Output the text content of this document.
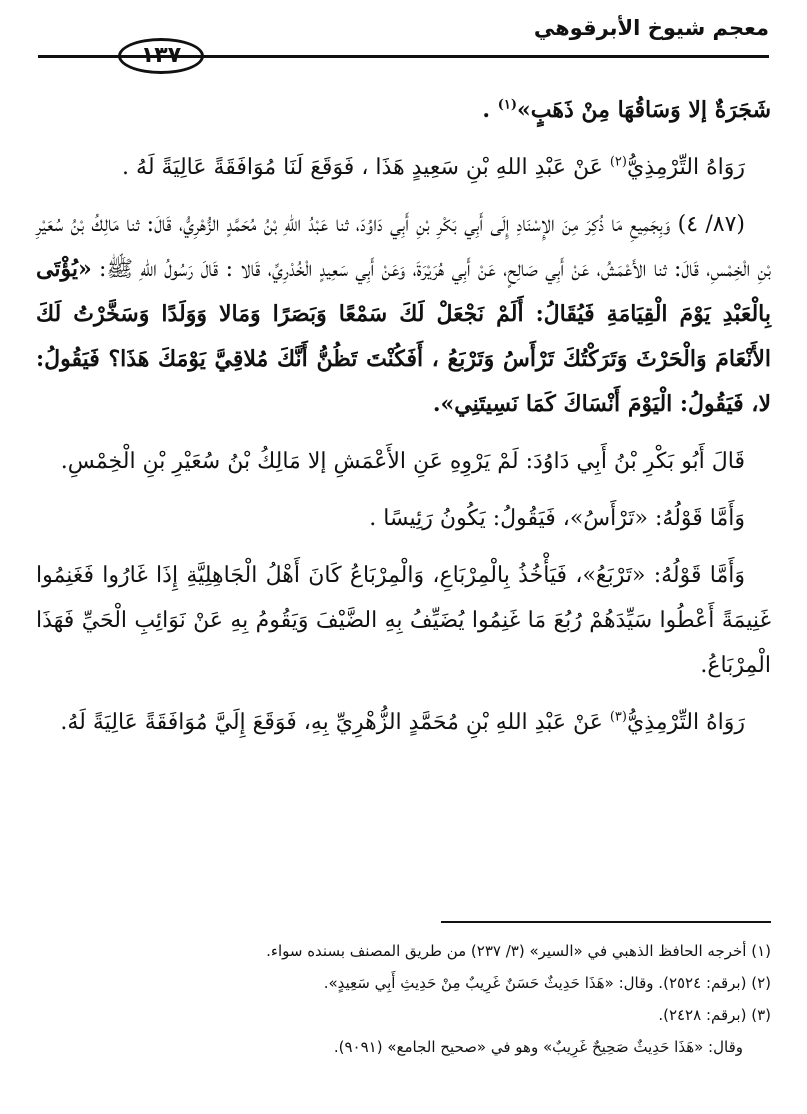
معجم شيوخ الأبرقوهي
١٣٧

شَجَرَةٌ إلا وَسَاقُهَا مِنْ ذَهَبٍ»$^{(١)}$ .

رَوَاهُ التِّرْمِذِيُّ$^{(٢)}$ عَنْ عَبْدِ اللهِ بْنِ سَعِيدٍ هَذَا ، فَوَقَعَ لَنَا مُوَافَقَةً عَالِيَةً لَهُ .

(٨٧/ ٤) وَبِجَمِيعِ مَا ذُكِرَ مِنَ الإِسْنَادِ إِلَى أَبِي بَكْرِ بْنِ أَبِي دَاوُدَ، ثنا عَبْدُ اللهِ بْنُ مُحَمَّدٍ الزُّهْرِيُّ، قَالَ: ثنا مَالِكُ بْنُ سُعَيْرِ بْنِ الْخِمْسِ، قَالَ: ثنا الأَعْمَشُ، عَنْ أَبِي صَالِحٍ، عَنْ أَبِي هُرَيْرَةَ، وَعَنْ أَبِي سَعِيدٍ الْخُدْرِيِّ، قَالا : قَالَ رَسُولُ اللهِ ﷺ: «يُؤْتَى بِالْعَبْدِ يَوْمَ الْقِيَامَةِ فَيُقَالُ: أَلَمْ نَجْعَلْ لَكَ سَمْعًا وَبَصَرًا وَمَالا وَوَلَدًا وَسَخَّرْتُ لَكَ الأَنْعَامَ وَالْحَرْثَ وَتَرَكْتُكَ تَرْأَسُ وَتَرْبَعُ ، أَفَكُنْتَ تَظُنُّ أَنَّكَ مُلاقِيَّ يَوْمَكَ هَذَا؟ فَيَقُولُ: لا، فَيَقُولُ: الْيَوْمَ أَنْسَاكَ كَمَا نَسِيتَنِي».

قَالَ أَبُو بَكْرِ بْنُ أَبِي دَاوُدَ: لَمْ يَرْوِهِ عَنِ الأَعْمَشِ إلا مَالِكُ بْنُ سُعَيْرِ بْنِ الْخِمْسِ.

وَأَمَّا قَوْلُهُ: «تَرْأَسُ»، فَيَقُولُ: يَكُونُ رَئِيسًا .

وَأَمَّا قَوْلُهُ: «تَرْبَعُ»، فَيَأْخُذُ بِالْمِرْبَاعِ، وَالْمِرْبَاعُ كَانَ أَهْلُ الْجَاهِلِيَّةِ إِذَا غَارُوا فَغَنِمُوا غَنِيمَةً أَعْطُوا سَيِّدَهُمْ رُبُعَ مَا غَنِمُوا يُضَيِّفُ بِهِ الضَّيْفَ وَيَقُومُ بِهِ عَنْ نَوَائِبِ الْحَيِّ فَهَذَا الْمِرْبَاعُ.

رَوَاهُ التِّرْمِذِيُّ$^{(٣)}$ عَنْ عَبْدِ اللهِ بْنِ مُحَمَّدٍ الزُّهْرِيِّ بِهِ، فَوَقَعَ إِلَيَّ مُوَافَقَةً عَالِيَةً لَهُ.

(١) أخرجه الحافظ الذهبي في «السير» (٣/ ٢٣٧) من طريق المصنف بسنده سواء.

(٢) (برقم: ٢٥٢٤). وقال: «هَذَا حَدِيثٌ حَسَنٌ غَرِيبٌ مِنْ حَدِيثِ أَبِي سَعِيدٍ».

(٣) (برقم: ٢٤٢٨).

وقال: «هَذَا حَدِيثٌ صَحِيحٌ غَرِيبٌ» وهو في «صحيح الجامع» (٩٠٩١).
